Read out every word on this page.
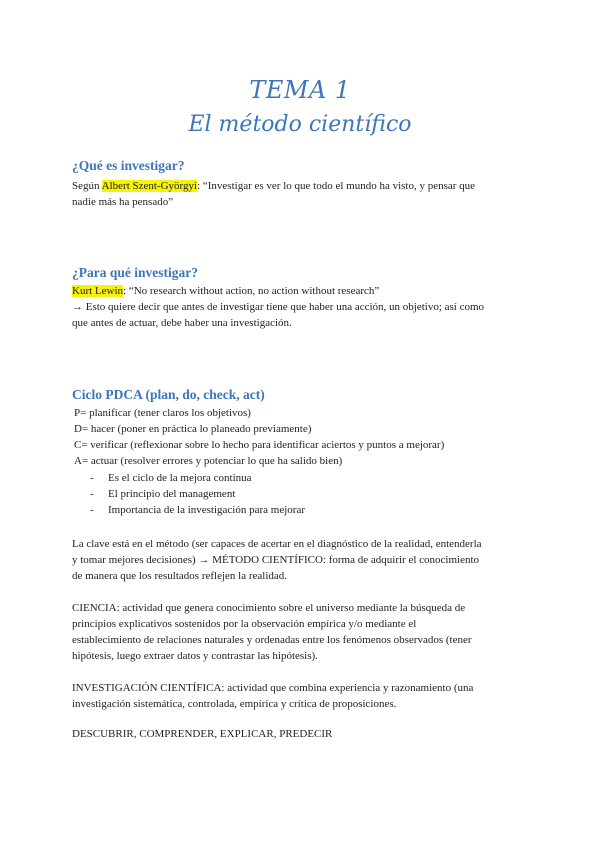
TEMA 1
El método científico
¿Qué es investigar?

Según Albert Szent-Györgyi: “Investigar es ver lo que todo el mundo ha visto, y pensar que
nadie más ha pensado”

¿Para qué investigar?

Kurt Lewin: “No research without action, no action without research”
→ Esto quiere decir que antes de investigar tiene que haber una acción, un objetivo; así como
que antes de actuar, debe haber una investigación.

Ciclo PDCA (plan, do, check, act)

P= planificar (tener claros los objetivos)

D= hacer (poner en práctica lo planeado previamente)

C= verificar (reflexionar sobre lo hecho para identificar aciertos y puntos a mejorar)

A= actuar (resolver errores y potenciar lo que ha salido bien)

- Es el ciclo de la mejora continua

- El principio del management

- Importancia de la investigación para mejorar

La clave está en el método (ser capaces de acertar en el diagnóstico de la realidad, entenderla
y tomar mejores decisiones) → MÉTODO CIENTÍFICO: forma de adquirir el conocimiento
de manera que los resultados reflejen la realidad.

CIENCIA: actividad que genera conocimiento sobre el universo mediante la búsqueda de
principios explicativos sostenidos por la observación empírica y/o mediante el
establecimiento de relaciones naturales y ordenadas entre los fenómenos observados (tener
hipótesis, luego extraer datos y contrastar las hipótesis).

INVESTIGACIÓN CIENTÍFICA: actividad que combina experiencia y razonamiento (una
investigación sistemática, controlada, empírica y crítica de proposiciones.

DESCUBRIR, COMPRENDER, EXPLICAR, PREDECIR
